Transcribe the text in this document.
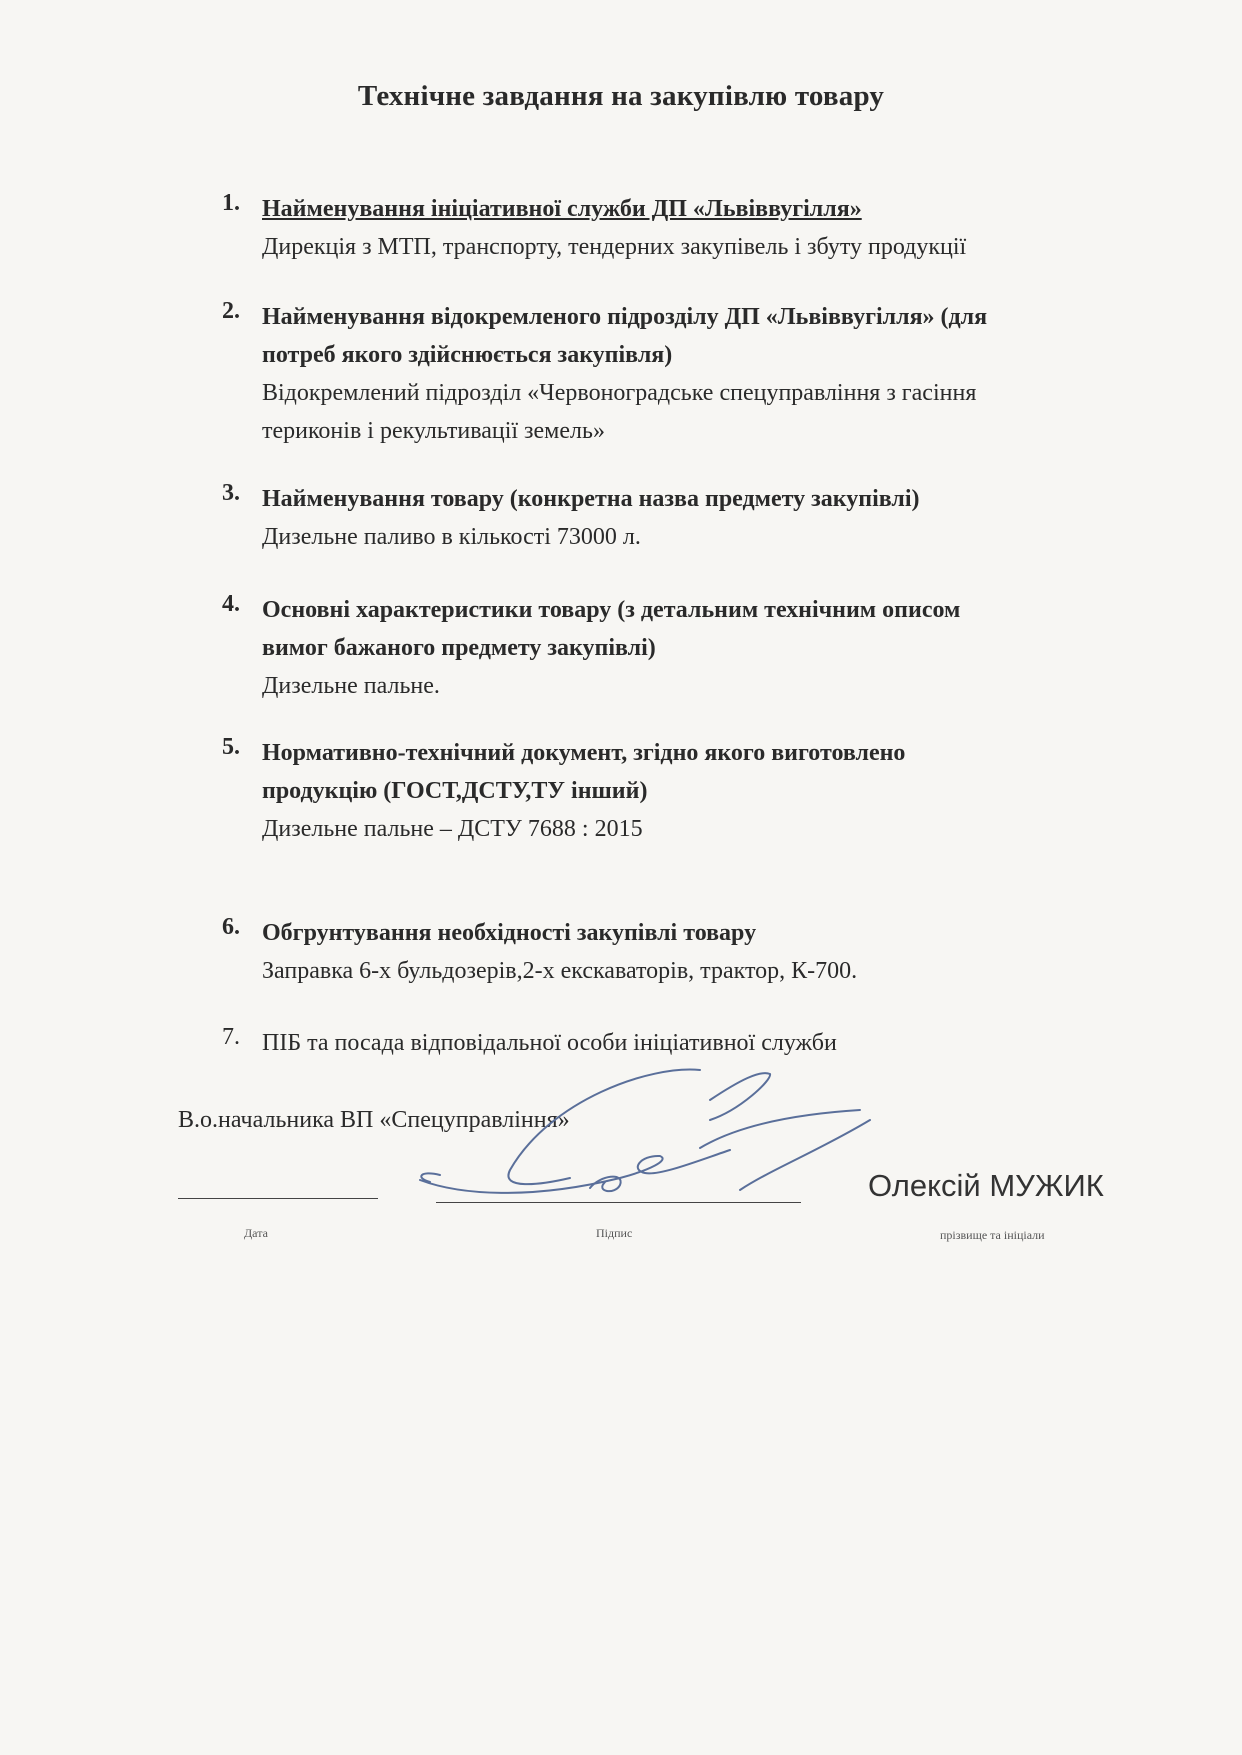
Технічне завдання на закупівлю товару
1. Найменування ініціативної служби ДП «Львіввугілля»
Дирекція з МТП, транспорту, тендерних закупівель і збуту продукції
2. Найменування відокремленого підрозділу ДП «Львіввугілля» (для
потреб якого здійснюється закупівля)
Відокремлений підрозділ «Червоноградське спецуправління з гасіння
териконів і рекультивації земель»
3. Найменування товару (конкретна назва предмету закупівлі)
Дизельне паливо в кількості 73000 л.
4. Основні характеристики товару (з детальним технічним описом
вимог бажаного предмету закупівлі)
Дизельне пальне.
5. Нормативно-технічний документ, згідно якого виготовлено
продукцію (ГОСТ,ДСТУ,ТУ інший)
Дизельне пальне – ДСТУ 7688 : 2015
6. Обгрунтування необхідності закупівлі товару
Заправка 6-х бульдозерів,2-х екскаваторів, трактор, К-700.
7. ПІБ та посада відповідальної особи ініціативної служби
В.о.начальника ВП «Спецуправління»
Олексій МУЖИК
Дата	Підпис	прізвище та ініціали
